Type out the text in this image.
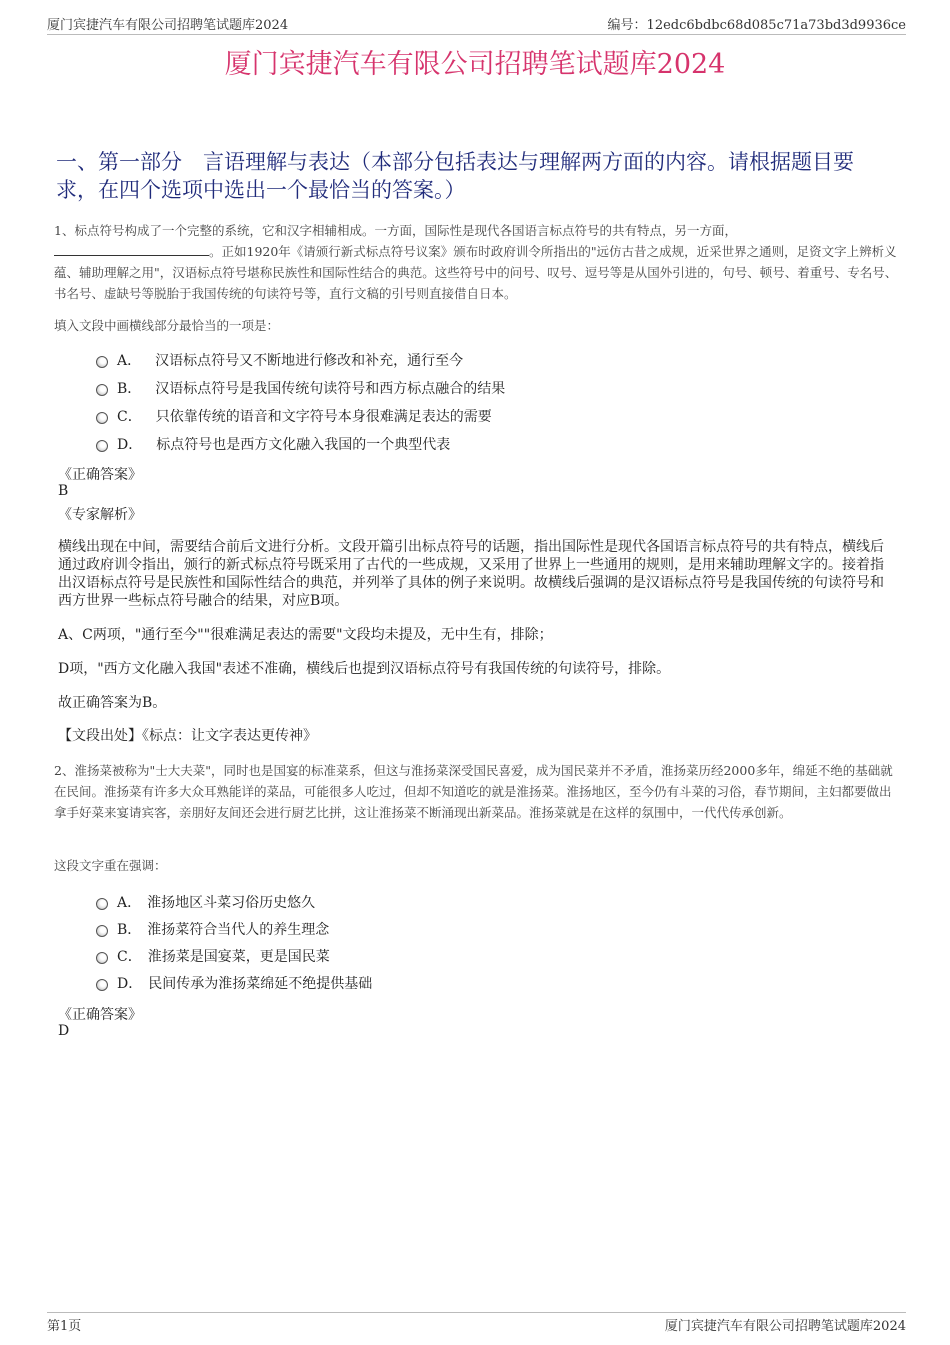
厦门宾捷汽车有限公司招聘笔试题库2024	编号：12edc6bdbc68d085c71a73bd3d9936ce
厦门宾捷汽车有限公司招聘笔试题库2024
一、第一部分　言语理解与表达（本部分包括表达与理解两方面的内容。请根据题目要求，在四个选项中选出一个最恰当的答案。）
1、标点符号构成了一个完整的系统，它和汉字相辅相成。一方面，国际性是现代各国语言标点符号的共有特点，另一方面，
。正如1920年《请颁行新式标点符号议案》颁布时政府训令所指出的"远仿古昔之成规，近采世界之通则，足资文字上辨析义蕴、辅助理解之用"，汉语标点符号堪称民族性和国际性结合的典范。这些符号中的问号、叹号、逗号等是从国外引进的，句号、顿号、着重号、专名号、书名号、虚缺号等脱胎于我国传统的句读符号等，直行文稿的引号则直接借自日本。
填入文段中画横线部分最恰当的一项是：
A． 汉语标点符号又不断地进行修改和补充，通行至今
B． 汉语标点符号是我国传统句读符号和西方标点融合的结果
C． 只依靠传统的语音和文字符号本身很难满足表达的需要
D． 标点符号也是西方文化融入我国的一个典型代表
《正确答案》
B
《专家解析》
横线出现在中间，需要结合前后文进行分析。文段开篇引出标点符号的话题，指出国际性是现代各国语言标点符号的共有特点，横线后通过政府训令指出，颁行的新式标点符号既采用了古代的一些成规，又采用了世界上一些通用的规则，是用来辅助理解文字的。接着指出汉语标点符号是民族性和国际性结合的典范，并列举了具体的例子来说明。故横线后强调的是汉语标点符号是我国传统的句读符号和西方世界一些标点符号融合的结果，对应B项。
A、C两项，"通行至今""很难满足表达的需要"文段均未提及，无中生有，排除；
D项，"西方文化融入我国"表述不准确，横线后也提到汉语标点符号有我国传统的句读符号，排除。
故正确答案为B。
【文段出处】《标点：让文字表达更传神》
2、淮扬菜被称为"士大夫菜"，同时也是国宴的标准菜系，但这与淮扬菜深受国民喜爱，成为国民菜并不矛盾，淮扬菜历经2000多年，绵延不绝的基础就在民间。淮扬菜有许多大众耳熟能详的菜品，可能很多人吃过，但却不知道吃的就是淮扬菜。淮扬地区，至今仍有斗菜的习俗，春节期间，主妇都要做出拿手好菜来宴请宾客，亲朋好友间还会进行厨艺比拼，这让淮扬菜不断涌现出新菜品。淮扬菜就是在这样的氛围中，一代代传承创新。
这段文字重在强调：
A． 淮扬地区斗菜习俗历史悠久
B． 淮扬菜符合当代人的养生理念
C． 淮扬菜是国宴菜，更是国民菜
D． 民间传承为淮扬菜绵延不绝提供基础
《正确答案》
D
第1页	厦门宾捷汽车有限公司招聘笔试题库2024
